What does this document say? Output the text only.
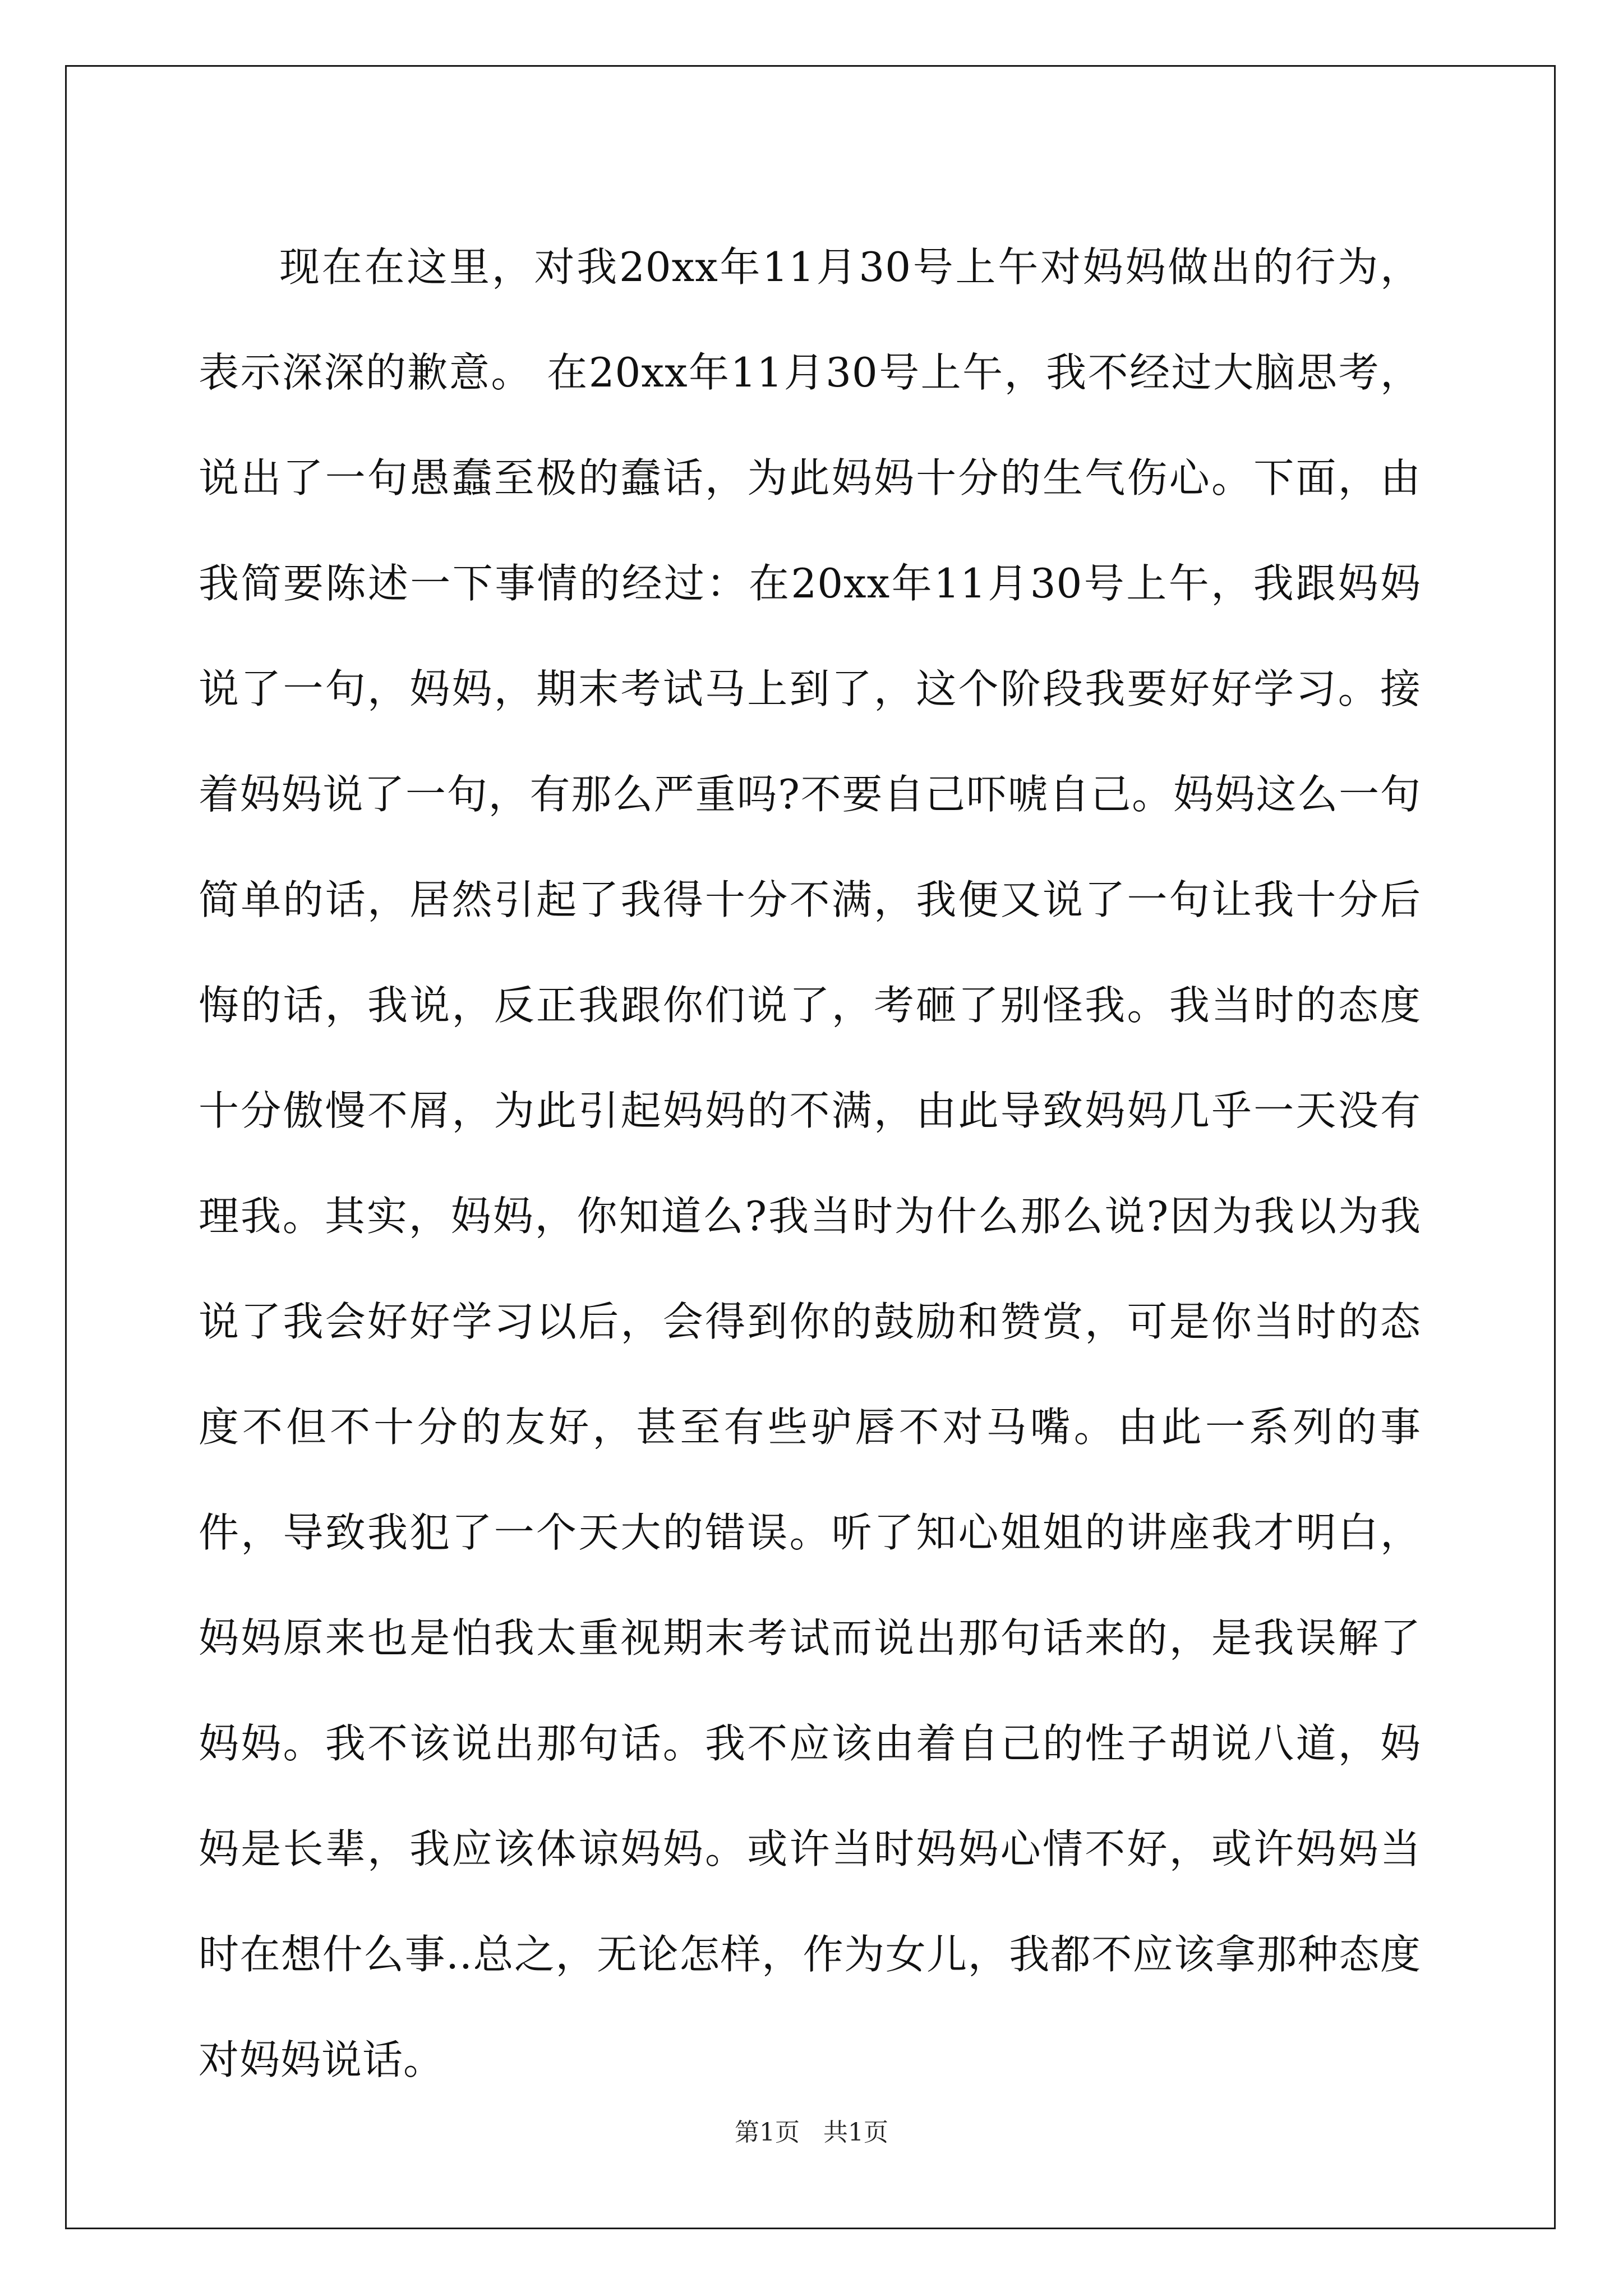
现在在这里，对我20xx年11月30号上午对妈妈做出的行为，表示深深的歉意。 在20xx年11月30号上午，我不经过大脑思考，说出了一句愚蠢至极的蠢话，为此妈妈十分的生气伤心。下面，由我简要陈述一下事情的经过：在20xx年11月30号上午，我跟妈妈说了一句，妈妈，期末考试马上到了，这个阶段我要好好学习。接着妈妈说了一句，有那么严重吗?不要自己吓唬自己。妈妈这么一句简单的话，居然引起了我得十分不满，我便又说了一句让我十分后悔的话，我说，反正我跟你们说了，考砸了别怪我。我当时的态度十分傲慢不屑，为此引起妈妈的不满，由此导致妈妈几乎一天没有理我。其实，妈妈，你知道么?我当时为什么那么说?因为我以为我说了我会好好学习以后，会得到你的鼓励和赞赏，可是你当时的态度不但不十分的友好，甚至有些驴唇不对马嘴。由此一系列的事件，导致我犯了一个天大的错误。听了知心姐姐的讲座我才明白，妈妈原来也是怕我太重视期末考试而说出那句话来的，是我误解了妈妈。我不该说出那句话。我不应该由着自己的性子胡说八道，妈妈是长辈，我应该体谅妈妈。或许当时妈妈心情不好，或许妈妈当时在想什么事..总之，无论怎样，作为女儿，我都不应该拿那种态度对妈妈说话。

第1页   共1页
